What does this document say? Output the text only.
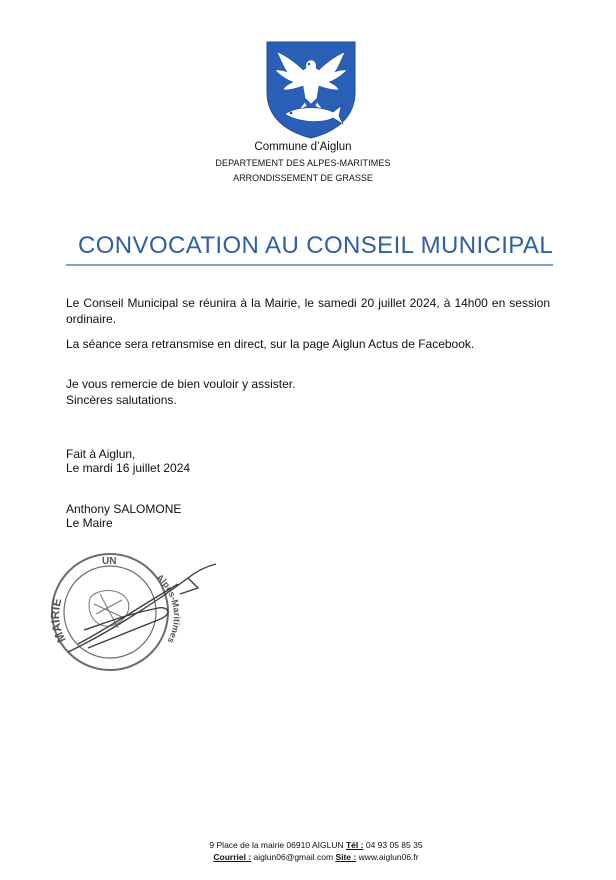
Commune d’Aiglun
DEPARTEMENT DES ALPES-MARITIMES
ARRONDISSEMENT DE GRASSE
CONVOCATION AU CONSEIL MUNICIPAL
Le Conseil Municipal se réunira à la Mairie, le samedi 20 juillet 2024, à 14h00 en session ordinaire.
La séance sera retransmise en direct, sur la page Aiglun Actus de Facebook.
Je vous remercie de bien vouloir y assister.
Sincères salutations.
Fait à Aiglun,
Le mardi 16 juillet 2024
Anthony SALOMONE
Le Maire
MAIRIE
Alpes-Maritimes
UN
9 Place de la mairie 06910 AIGLUN Tél : 04 93 05 85 35
Courriel : aiglun06@gmail.com Site : www.aiglun06.fr
